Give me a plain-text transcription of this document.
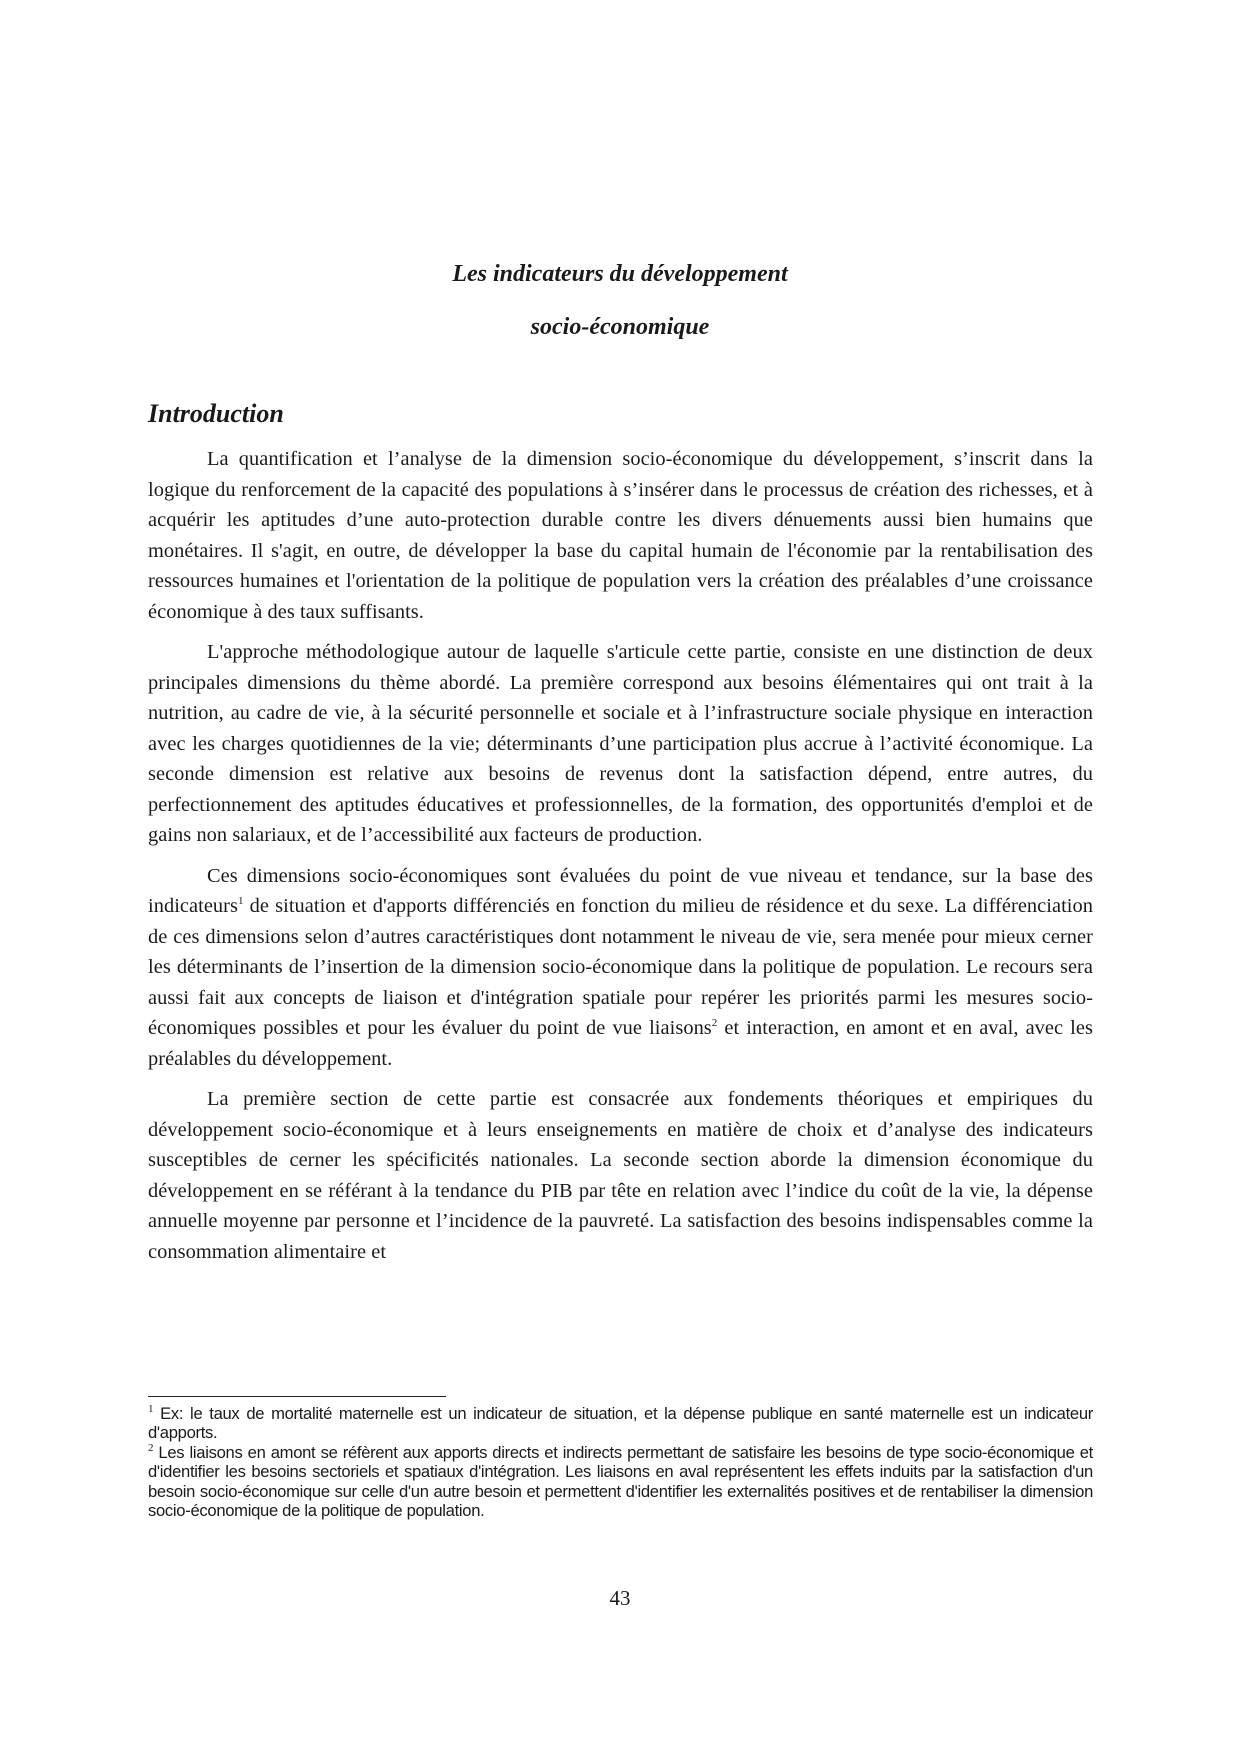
Les indicateurs du développement
socio-économique
Introduction

La quantification et l’analyse de la dimension socio-économique du développement, s’inscrit dans la logique du renforcement de la capacité des populations à s’insérer dans le processus de création des richesses, et à acquérir les aptitudes d’une auto-protection durable contre les divers dénuements aussi bien humains que monétaires. Il s'agit, en outre, de développer la base du capital humain de l'économie par la rentabilisation des ressources humaines et l'orientation de la politique de population vers la création des préalables d’une croissance économique à des taux suffisants.

L'approche méthodologique autour de laquelle s'articule cette partie, consiste en une distinction de deux principales dimensions du thème abordé. La première correspond aux besoins élémentaires qui ont trait à la nutrition, au cadre de vie, à la sécurité personnelle et sociale et à l’infrastructure sociale physique en interaction avec les charges quotidiennes de la vie; déterminants d’une participation plus accrue à l’activité économique. La seconde dimension est relative aux besoins de revenus dont la satisfaction dépend, entre autres, du perfectionnement des aptitudes éducatives et professionnelles, de la formation, des opportunités d'emploi et de gains non salariaux, et de l’accessibilité aux facteurs de production.

Ces dimensions socio-économiques sont évaluées du point de vue niveau et tendance, sur la base des indicateurs$^1$ de situation et d'apports différenciés en fonction du milieu de résidence et du sexe. La différenciation de ces dimensions selon d’autres caractéristiques dont notamment le niveau de vie, sera menée pour mieux cerner les déterminants de l’insertion de la dimension socio-économique dans la politique de population. Le recours sera aussi fait aux concepts de liaison et d'intégration spatiale pour repérer les priorités parmi les mesures socio-économiques possibles et pour les évaluer du point de vue liaisons$^2$ et interaction, en amont et en aval, avec les préalables du développement.

La première section de cette partie est consacrée aux fondements théoriques et empiriques du développement socio-économique et à leurs enseignements en matière de choix et d’analyse des indicateurs susceptibles de cerner les spécificités nationales. La seconde section aborde la dimension économique du développement en se référant à la tendance du PIB par tête en relation avec l’indice du coût de la vie, la dépense annuelle moyenne par personne et l’incidence de la pauvreté. La satisfaction des besoins indispensables comme la consommation alimentaire et

$^1$ Ex: le taux de mortalité maternelle est un indicateur de situation, et la dépense publique en santé maternelle est un indicateur d'apports.

$^2$ Les liaisons en amont se réfèrent aux apports directs et indirects permettant de satisfaire les besoins de type socio-économique et d'identifier les besoins sectoriels et spatiaux d'intégration. Les liaisons en aval représentent les effets induits par la satisfaction d'un besoin socio-économique sur celle d'un autre besoin et permettent d'identifier les externalités positives et de rentabiliser la dimension socio-économique de la politique de population.

43
